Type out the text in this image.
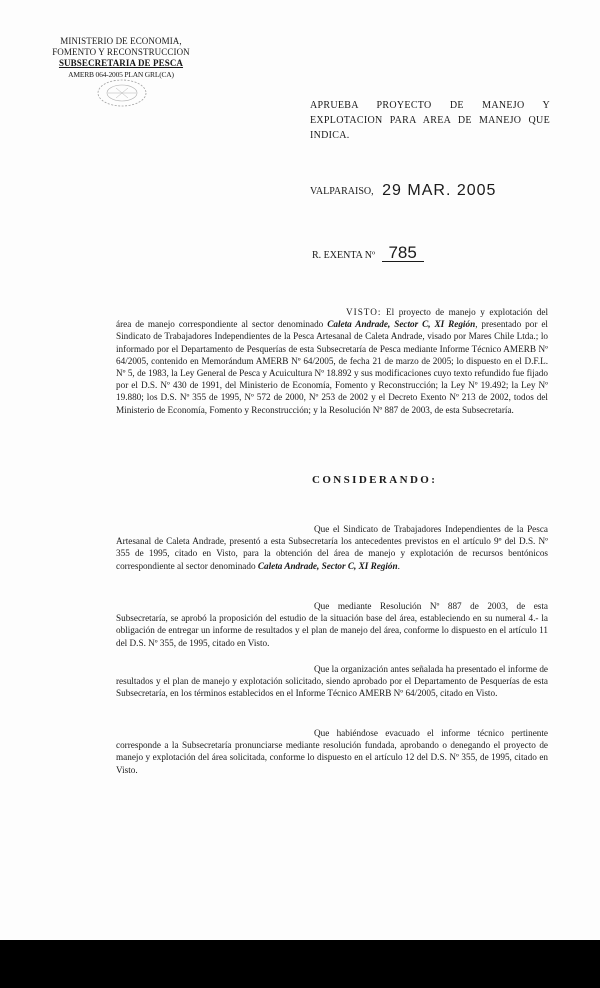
MINISTERIO DE ECONOMIA,
FOMENTO Y RECONSTRUCCION
SUBSECRETARIA DE PESCA
AMERB 064-2005 PLAN GRL(CA)
APRUEBA PROYECTO DE MANEJO Y EXPLOTACION PARA AREA DE MANEJO QUE INDICA.
VALPARAISO, 29 MAR. 2005
R. EXENTA Nº 785
VISTO: El proyecto de manejo y explotación del área de manejo correspondiente al sector denominado Caleta Andrade, Sector C, XI Región, presentado por el Sindicato de Trabajadores Independientes de la Pesca Artesanal de Caleta Andrade, visado por Mares Chile Ltda.; lo informado por el Departamento de Pesquerías de esta Subsecretaría de Pesca mediante Informe Técnico AMERB Nº 64/2005, contenido en Memorándum AMERB Nº 64/2005, de fecha 21 de marzo de 2005; lo dispuesto en el D.F.L. Nº 5, de 1983, la Ley General de Pesca y Acuicultura Nº 18.892 y sus modificaciones cuyo texto refundido fue fijado por el D.S. Nº 430 de 1991, del Ministerio de Economía, Fomento y Reconstrucción; la Ley Nº 19.492; la Ley Nº 19.880; los D.S. Nº 355 de 1995, Nº 572 de 2000, Nº 253 de 2002 y el Decreto Exento Nº 213 de 2002, todos del Ministerio de Economía, Fomento y Reconstrucción; y la Resolución Nº 887 de 2003, de esta Subsecretaría.
CONSIDERANDO:
Que el Sindicato de Trabajadores Independientes de la Pesca Artesanal de Caleta Andrade, presentó a esta Subsecretaría los antecedentes previstos en el artículo 9º del D.S. Nº 355 de 1995, citado en Visto, para la obtención del área de manejo y explotación de recursos bentónicos correspondiente al sector denominado Caleta Andrade, Sector C, XI Región.
Que mediante Resolución Nº 887 de 2003, de esta Subsecretaría, se aprobó la proposición del estudio de la situación base del área, estableciendo en su numeral 4.- la obligación de entregar un informe de resultados y el plan de manejo del área, conforme lo dispuesto en el artículo 11 del D.S. Nº 355, de 1995, citado en Visto.
Que la organización antes señalada ha presentado el informe de resultados y el plan de manejo y explotación solicitado, siendo aprobado por el Departamento de Pesquerías de esta Subsecretaría, en los términos establecidos en el Informe Técnico AMERB Nº 64/2005, citado en Visto.
Que habiéndose evacuado el informe técnico pertinente corresponde a la Subsecretaría pronunciarse mediante resolución fundada, aprobando o denegando el proyecto de manejo y explotación del área solicitada, conforme lo dispuesto en el artículo 12 del D.S. Nº 355, de 1995, citado en Visto.
